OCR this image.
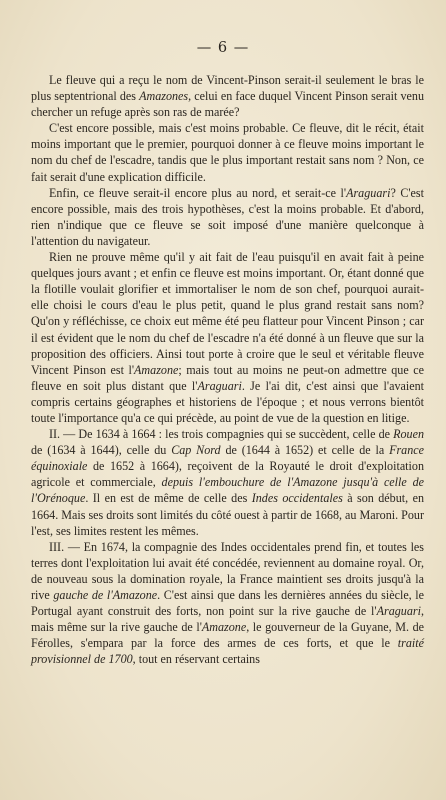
— 6 —

Le fleuve qui a reçu le nom de Vincent-Pinson serait-il seulement le bras le plus septentrional des Amazones, celui en face duquel Vincent Pinson serait venu chercher un refuge après son ras de marée?

C'est encore possible, mais c'est moins probable. Ce fleuve, dit le récit, était moins important que le premier, pourquoi donner à ce fleuve moins important le nom du chef de l'escadre, tandis que le plus important restait sans nom ? Non, ce fait serait d'une explication difficile.

Enfin, ce fleuve serait-il encore plus au nord, et serait-ce l'Araguari? C'est encore possible, mais des trois hypothèses, c'est la moins probable. Et d'abord, rien n'indique que ce fleuve se soit imposé d'une manière quelconque à l'attention du navigateur.

Rien ne prouve même qu'il y ait fait de l'eau puisqu'il en avait fait à peine quelques jours avant ; et enfin ce fleuve est moins important. Or, étant donné que la flotille voulait glorifier et immortaliser le nom de son chef, pourquoi aurait-elle choisi le cours d'eau le plus petit, quand le plus grand restait sans nom? Qu'on y réfléchisse, ce choix eut même été peu flatteur pour Vincent Pinson ; car il est évident que le nom du chef de l'escadre n'a été donné à un fleuve que sur la proposition des officiers. Ainsi tout porte à croire que le seul et véritable fleuve Vincent Pinson est l'Amazone; mais tout au moins ne peut-on admettre que ce fleuve en soit plus distant que l'Araguari. Je l'ai dit, c'est ainsi que l'avaient compris certains géographes et historiens de l'époque ; et nous verrons bientôt toute l'importance qu'a ce qui précède, au point de vue de la question en litige.

II. — De 1634 à 1664 : les trois compagnies qui se succèdent, celle de Rouen de (1634 à 1644), celle du Cap Nord de (1644 à 1652) et celle de la France équinoxiale de 1652 à 1664), reçoivent de la Royauté le droit d'exploitation agricole et commerciale, depuis l'embouchure de l'Amazone jusqu'à celle de l'Orénoque. Il en est de même de celle des Indes occidentales à son début, en 1664. Mais ses droits sont limités du côté ouest à partir de 1668, au Maroni. Pour l'est, ses limites restent les mêmes.

III. — En 1674, la compagnie des Indes occidentales prend fin, et toutes les terres dont l'exploitation lui avait été concédée, reviennent au domaine royal. Or, de nouveau sous la domination royale, la France maintient ses droits jusqu'à la rive gauche de l'Amazone. C'est ainsi que dans les dernières années du siècle, le Portugal ayant construit des forts, non point sur la rive gauche de l'Araguari, mais même sur la rive gauche de l'Amazone, le gouverneur de la Guyane, M. de Férolles, s'empara par la force des armes de ces forts, et que le traité provisionnel de 1700, tout en réservant certains
